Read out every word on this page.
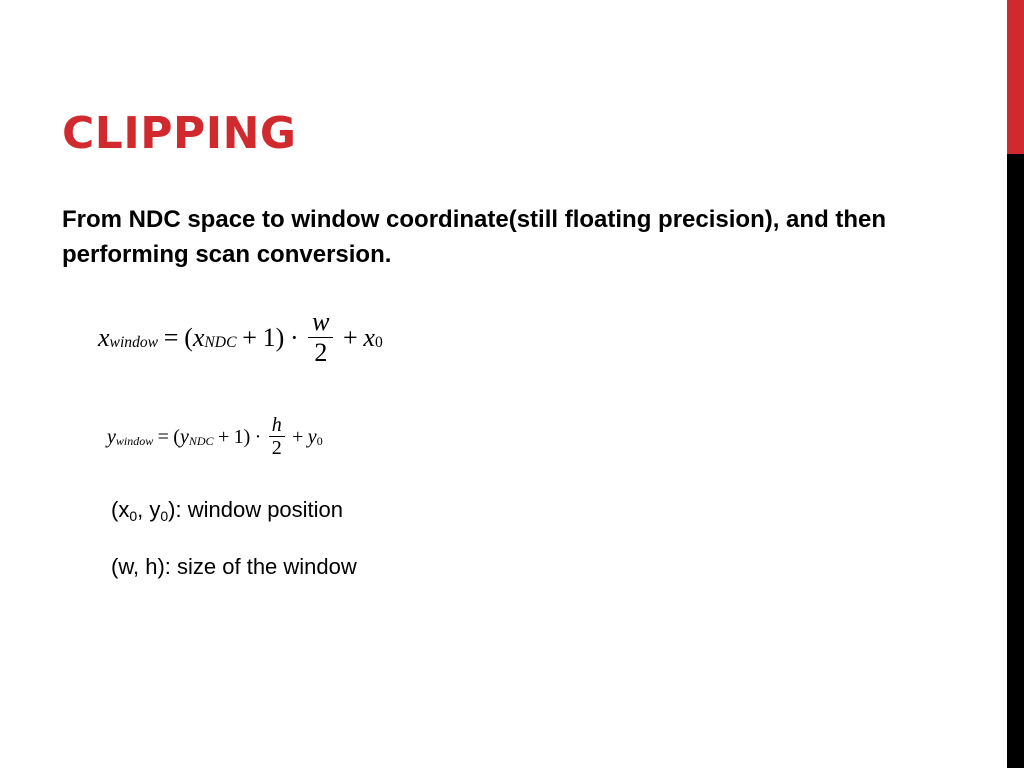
CLIPPING

From NDC space to window coordinate(still floating precision), and then performing scan conversion.

x window = ( x NDC + $1) \cdot \frac{w}{2} + x$ 0
y window = ( y NDC + $1) \cdot \frac{h}{2} + y$ 0
($x_0$, $y_0$): window position
(w, h): size of the window
